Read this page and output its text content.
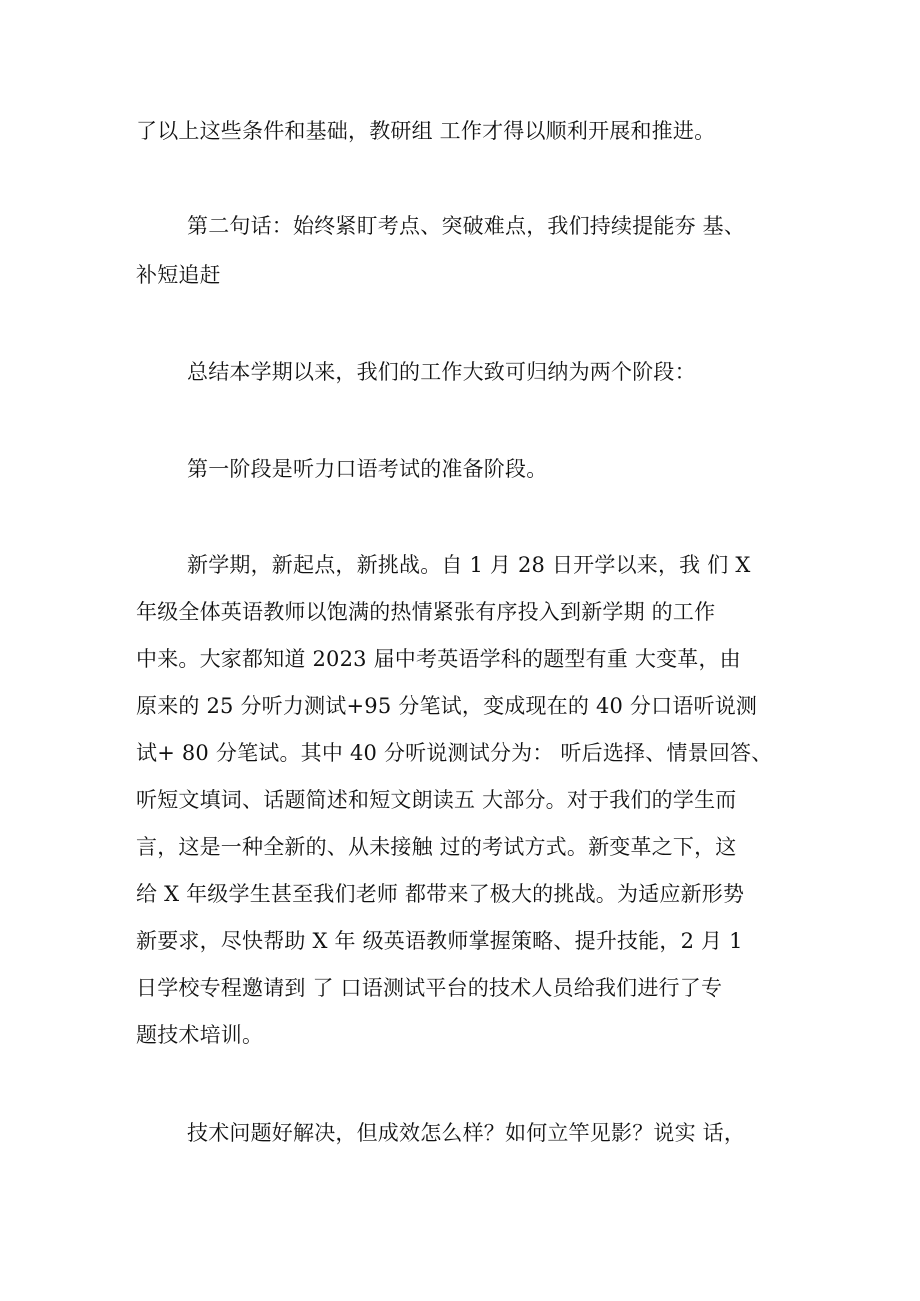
了以上这些条件和基础，教研组 工作才得以顺利开展和推进。
第二句话：始终紧盯考点、突破难点，我们持续提能夯 基、
补短追赶
总结本学期以来，我们的工作大致可归纳为两个阶段：
第一阶段是听力口语考试的准备阶段。
新学期，新起点，新挑战。自 1 月 28 日开学以来，我 们 X
年级全体英语教师以饱满的热情紧张有序投入到新学期 的工作
中来。大家都知道 2023 届中考英语学科的题型有重 大变革，由
原来的 25 分听力测试+95 分笔试，变成现在的 40 分口语听说测
试+ 80 分笔试。其中 40 分听说测试分为： 听后选择、情景回答、
听短文填词、话题简述和短文朗读五 大部分。对于我们的学生而
言，这是一种全新的、从未接触 过的考试方式。新变革之下，这
给 X 年级学生甚至我们老师 都带来了极大的挑战。为适应新形势
新要求，尽快帮助 X 年 级英语教师掌握策略、提升技能，2 月 1
日学校专程邀请到 了 口语测试平台的技术人员给我们进行了专
题技术培训。
技术问题好解决，但成效怎么样？如何立竿见影？说实 话，
